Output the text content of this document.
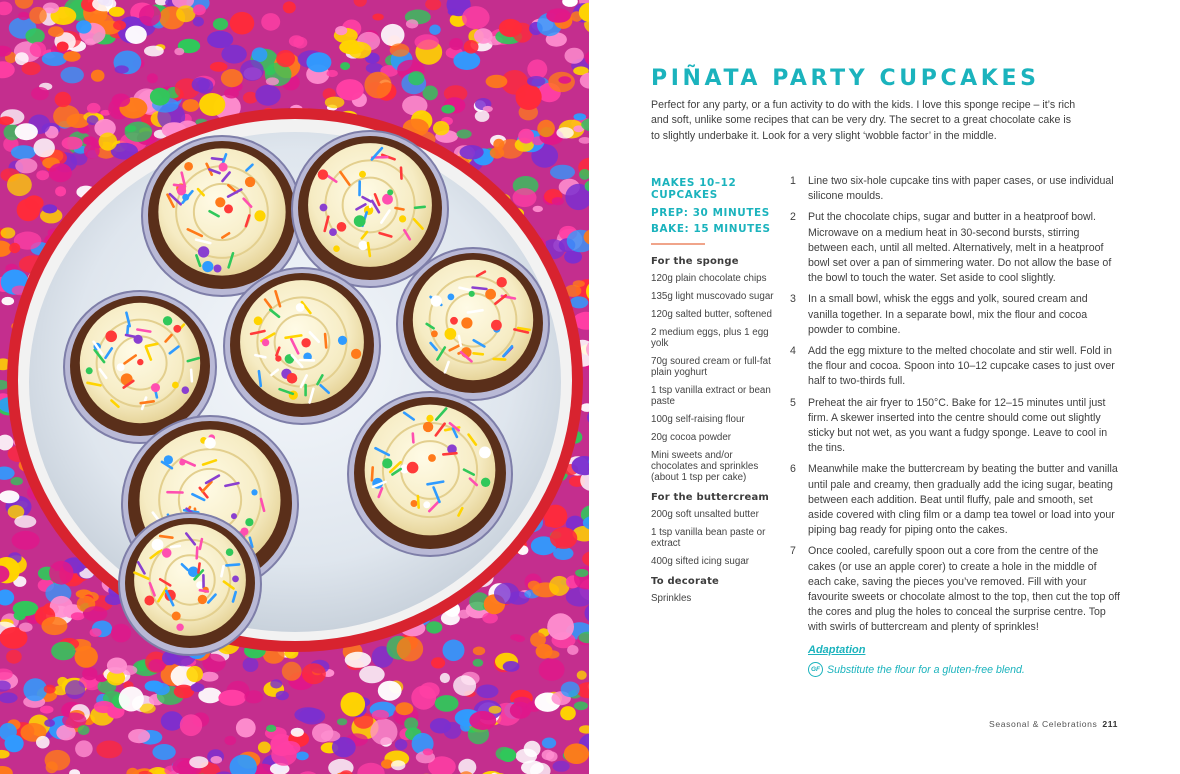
PIÑATA PARTY CUPCAKES

Perfect for any party, or a fun activity to do with the kids. I love this sponge recipe – it’s rich and soft, unlike some recipes that can be very dry. The secret to a great chocolate cake is to slightly underbake it. Look for a very slight ‘wobble factor’ in the middle.

MAKES 10–12
CUPCAKES
PREP: 30 MINUTES
BAKE: 15 MINUTES
For the sponge
120g plain chocolate chips
135g light muscovado sugar
120g salted butter, softened
2 medium eggs, plus 1 egg yolk
70g soured cream or full-fat plain yoghurt
1 tsp vanilla extract or bean paste
100g self-raising flour
20g cocoa powder
Mini sweets and/or chocolates and sprinkles (about 1 tsp per cake)
For the buttercream
200g soft unsalted butter
1 tsp vanilla bean paste or extract
400g sifted icing sugar
To decorate
Sprinkles
1 Line two six-hole cupcake tins with paper cases, or use individual silicone moulds.
2 Put the chocolate chips, sugar and butter in a heatproof bowl. Microwave on a medium heat in 30-second bursts, stirring between each, until all melted. Alternatively, melt in a heatproof bowl set over a pan of simmering water. Do not allow the base of the bowl to touch the water. Set aside to cool slightly.
3 In a small bowl, whisk the eggs and yolk, soured cream and vanilla together. In a separate bowl, mix the flour and cocoa powder to combine.
4 Add the egg mixture to the melted chocolate and stir well. Fold in the flour and cocoa. Spoon into 10–12 cupcake cases to just over half to two-thirds full.
5 Preheat the air fryer to 150°C. Bake for 12–15 minutes until just firm. A skewer inserted into the centre should come out slightly sticky but not wet, as you want a fudgy sponge. Leave to cool in the tins.
6 Meanwhile make the buttercream by beating the butter and vanilla until pale and creamy, then gradually add the icing sugar, beating between each addition. Beat until fluffy, pale and smooth, set aside covered with cling film or a damp tea towel or load into your piping bag ready for piping onto the cakes.
7 Once cooled, carefully spoon out a core from the centre of the cakes (or use an apple corer) to create a hole in the middle of each cake, saving the pieces you’ve removed. Fill with your favourite sweets or chocolate almost to the top, then cut the top off the cores and plug the holes to conceal the surprise centre. Top with swirls of buttercream and plenty of sprinkles!
Adaptation
GF Substitute the flour for a gluten-free blend.
Seasonal & Celebrations 211
